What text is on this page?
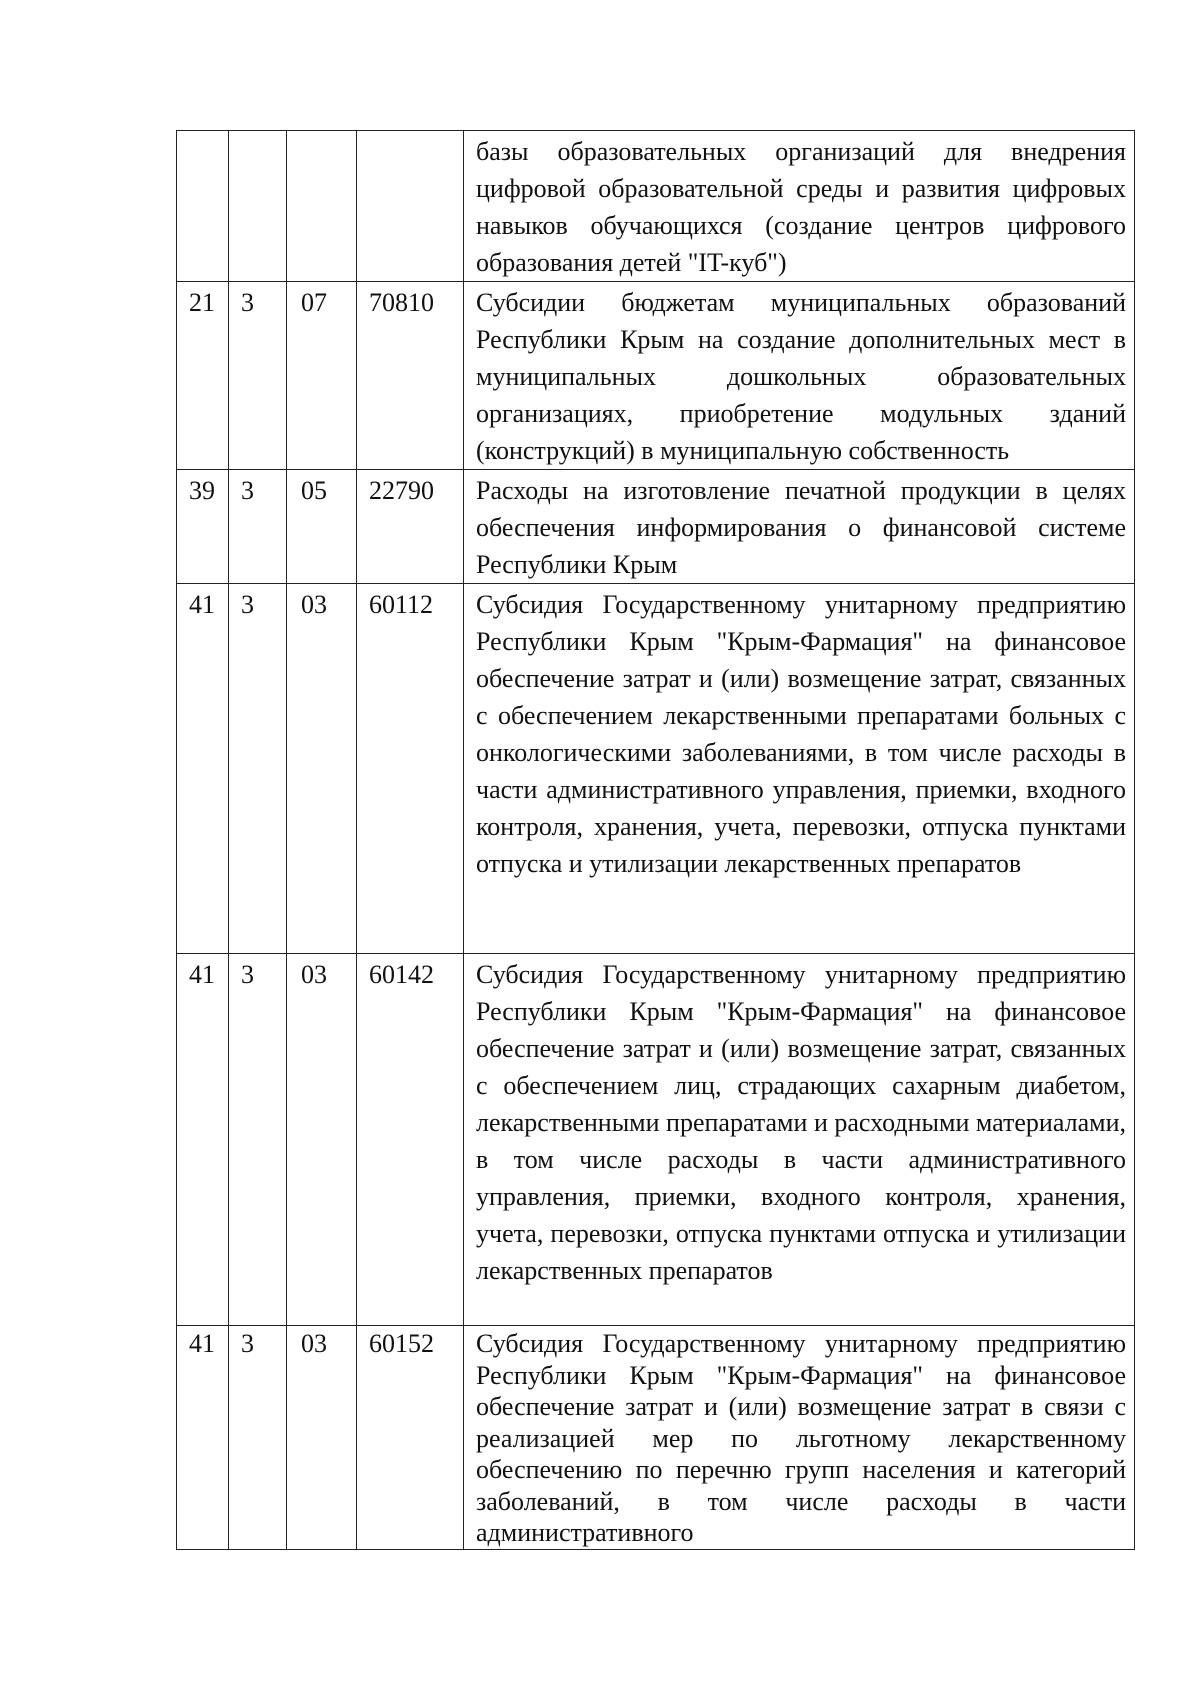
				базы образовательных организаций для внедрения цифровой образовательной среды и развития цифровых навыков обучающихся (создание центров цифрового образования детей "IT-куб")
21	3	07	70810	Субсидии бюджетам муниципальных образований Республики Крым на создание дополнительных мест в муниципальных дошкольных образовательных организациях, приобретение модульных зданий (конструкций) в муниципальную собственность
39	3	05	22790	Расходы на изготовление печатной продукции в целях обеспечения информирования о финансовой системе Республики Крым
41	3	03	60112	Субсидия Государственному унитарному предприятию Республики Крым "Крым-Фармация" на финансовое обеспечение затрат и (или) возмещение затрат, связанных с обеспечением лекарственными препаратами больных с онкологическими заболеваниями, в том числе расходы в части административного управления, приемки, входного контроля, хранения, учета, перевозки, отпуска пунктами отпуска и утилизации лекарственных препаратов
41	3	03	60142	Субсидия Государственному унитарному предприятию Республики Крым "Крым-Фармация" на финансовое обеспечение затрат и (или) возмещение затрат, связанных с обеспечением лиц, страдающих сахарным диабетом, лекарственными препаратами и расходными материалами, в том числе расходы в части административного управления, приемки, входного контроля, хранения, учета, перевозки, отпуска пунктами отпуска и утилизации лекарственных препаратов
41	3	03	60152	Субсидия Государственному унитарному предприятию Республики Крым "Крым-Фармация" на финансовое обеспечение затрат и (или) возмещение затрат в связи с реализацией мер по льготному лекарственному обеспечению по перечню групп населения и категорий заболеваний, в том числе расходы в части административного
